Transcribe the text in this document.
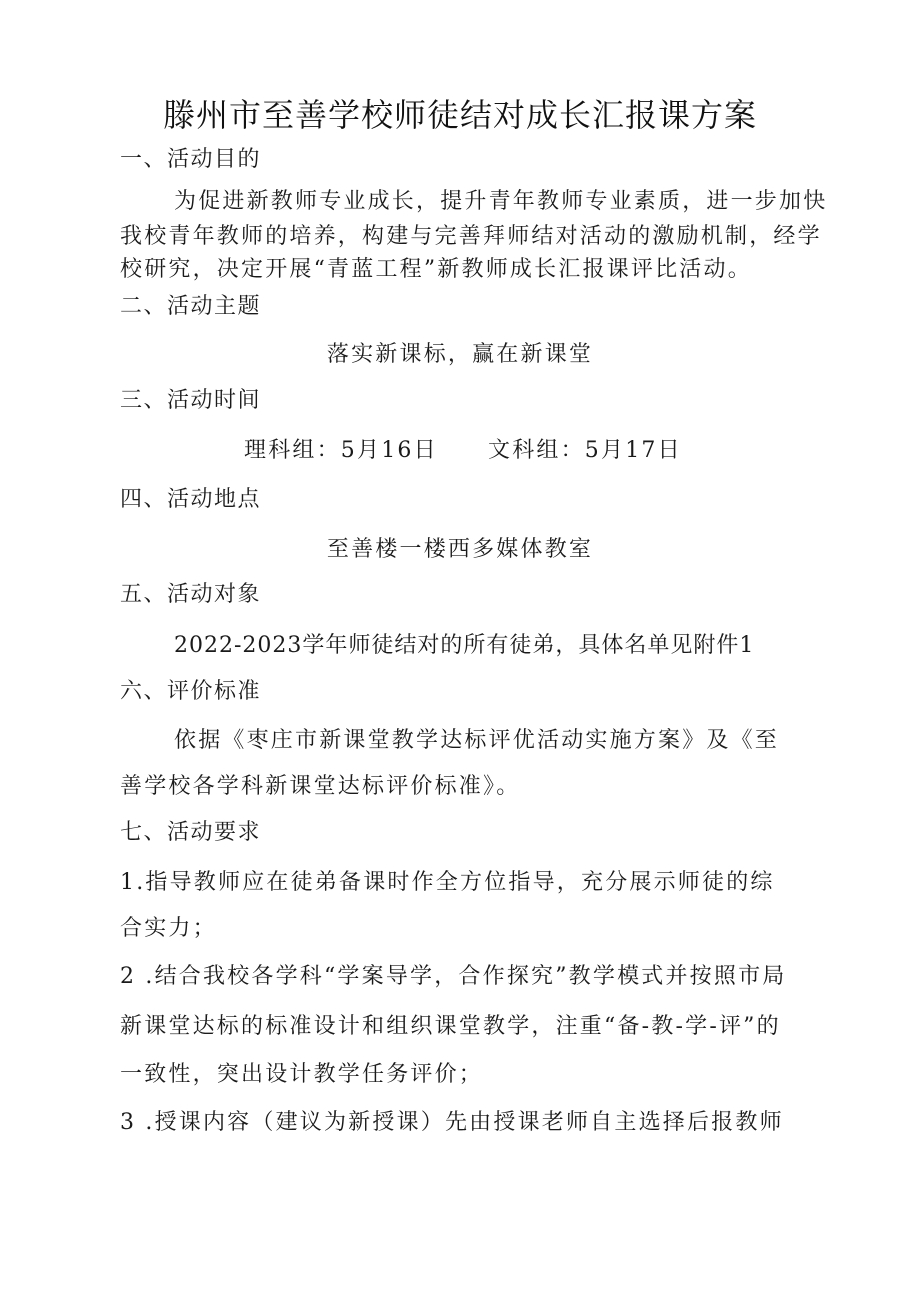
滕州市至善学校师徒结对成长汇报课方案
一、活动目的
为促进新教师专业成长，提升青年教师专业素质，进一步加快
我校青年教师的培养，构建与完善拜师结对活动的激励机制，经学
校研究，决定开展“青蓝工程”新教师成长汇报课评比活动。
二、活动主题
落实新课标，赢在新课堂
三、活动时间
理科组：5月16日 文科组：5月17日
四、活动地点
至善楼一楼西多媒体教室
五、活动对象
2022-2023学年师徒结对的所有徒弟，具体名单见附件1
六、评价标准
依据《枣庄市新课堂教学达标评优活动实施方案》及《至
善学校各学科新课堂达标评价标准》。
七、活动要求
1.指导教师应在徒弟备课时作全方位指导，充分展示师徒的综
合实力；
2 .结合我校各学科“学案导学，合作探究”教学模式并按照市局
新课堂达标的标准设计和组织课堂教学，注重“备-教-学-评”的
一致性，突出设计教学任务评价；
3 .授课内容（建议为新授课）先由授课老师自主选择后报教师
